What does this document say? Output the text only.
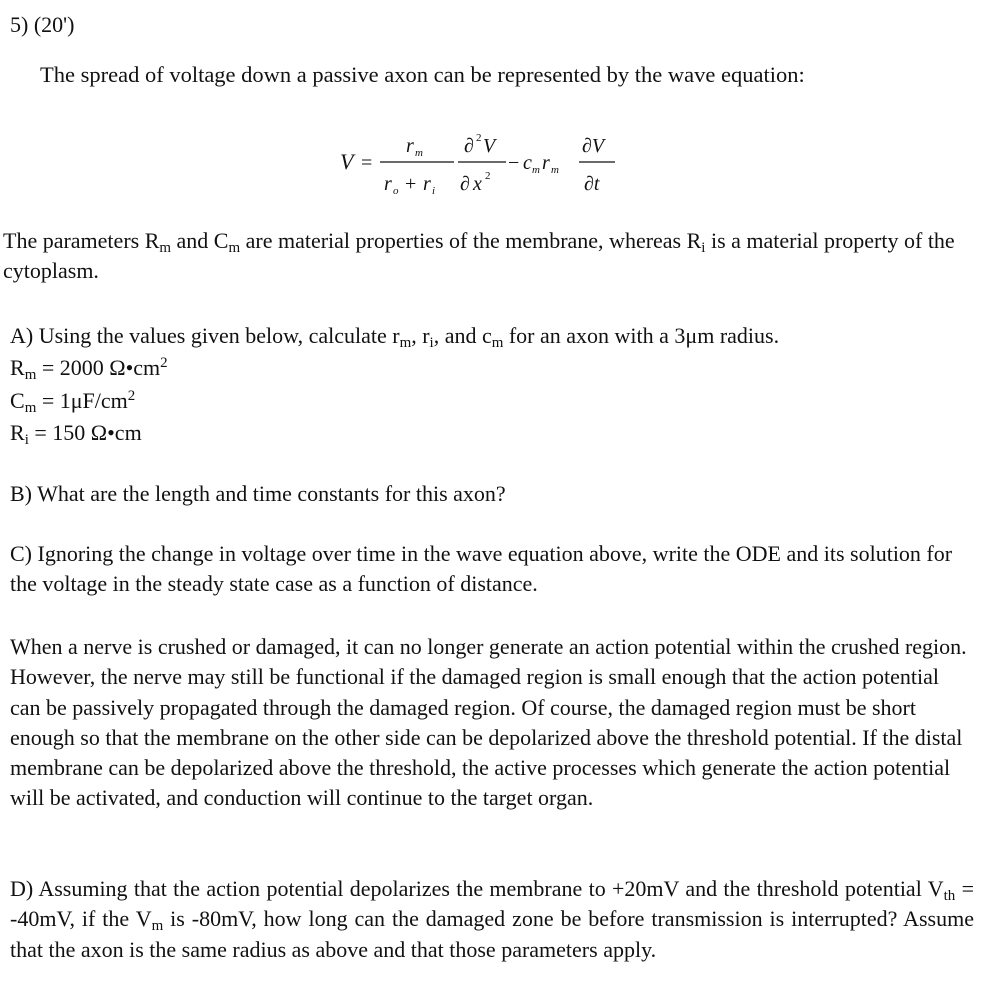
5) (20')
The spread of voltage down a passive axon can be represented by the wave equation:
V =
r m
r o + r i
∂ 2 V
∂ x 2
− c m r m
∂V
∂t

The parameters $R_m$ and $C_m$ are material properties of the membrane, whereas $R_i$ is a material property of the cytoplasm.

A) Using the values given below, calculate $r_m$, $r_i$, and $c_m$ for an axon with a 3μm radius.
$R_m = 2000$ $\Omega•cm^2$
$C_m = 1\mu F/cm^2$
$R_i = 150$ Ω•cm
B) What are the length and time constants for this axon?

C) Ignoring the change in voltage over time in the wave equation above, write the ODE and its solution for the voltage in the steady state case as a function of distance.

When a nerve is crushed or damaged, it can no longer generate an action potential within the crushed region. However, the nerve may still be functional if the damaged region is small enough that the action potential can be passively propagated through the damaged region. Of course, the damaged region must be short enough so that the membrane on the other side can be depolarized above the threshold potential. If the distal membrane can be depolarized above the threshold, the active processes which generate the action potential will be activated, and conduction will continue to the target organ.

D) Assuming that the action potential depolarizes the membrane to +20mV and the threshold potential $V_{th} = -40mV$, if the $V_m$ is -80mV, how long can the damaged zone be before transmission is interrupted? Assume that the axon is the same radius as above and that those parameters apply.
